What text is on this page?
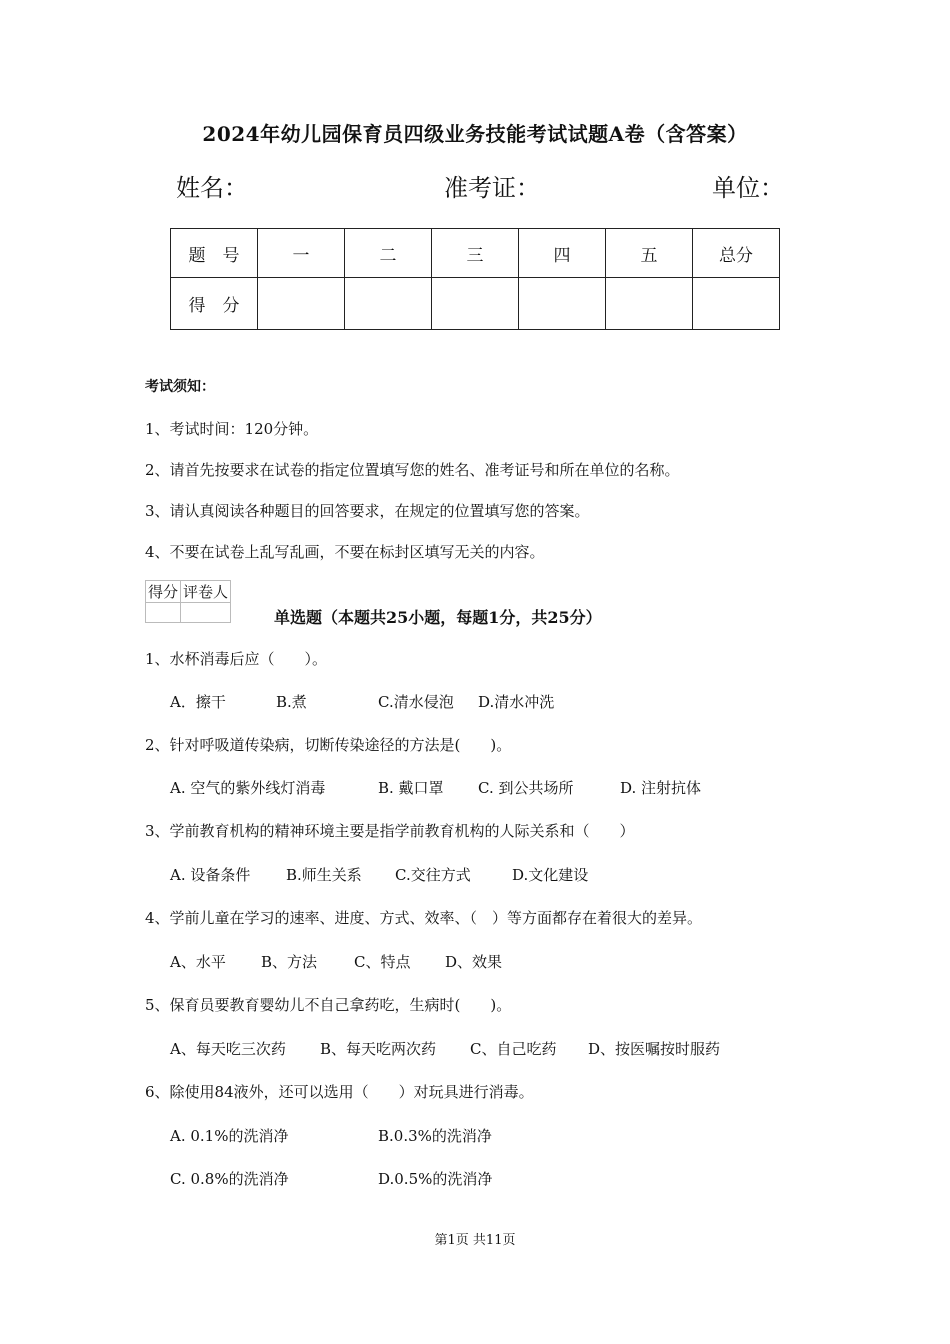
2024年幼儿园保育员四级业务技能考试试题A卷（含答案）
姓名：	准考证：	单位：
题　号	一	二	三	四	五	总分
得　分						
考试须知：
1、考试时间：120分钟。
2、请首先按要求在试卷的指定位置填写您的姓名、准考证号和所在单位的名称。
3、请认真阅读各种题目的回答要求，在规定的位置填写您的答案。
4、不要在试卷上乱写乱画，不要在标封区填写无关的内容。
得分	评卷人

单选题（本题共25小题，每题1分，共25分）
1、水杯消毒后应（　　）。
A．擦干	B.煮	C.清水侵泡 D.清水冲洗
2、针对呼吸道传染病，切断传染途径的方法是(　　)。
A. 空气的紫外线灯消毒	B. 戴口罩 C. 到公共场所	D. 注射抗体
3、学前教育机构的精神环境主要是指学前教育机构的人际关系和（　　）
A. 设备条件 B.师生关系 C.交往方式	D.文化建设
4、学前儿童在学习的速率、进度、方式、效率、（　）等方面都存在着很大的差异。
A、水平 B、方法 C、特点 D、效果
5、保育员要教育婴幼儿不自己拿药吃，生病时(　　)。
A、每天吃三次药 B、每天吃两次药 C、自己吃药 D、按医嘱按时服药
6、除使用84液外，还可以选用（　　）对玩具进行消毒。
A. 0.1%的洗消净	B.0.3%的洗消净
C. 0.8%的洗消净	D.0.5%的洗消净
第1页 共11页
